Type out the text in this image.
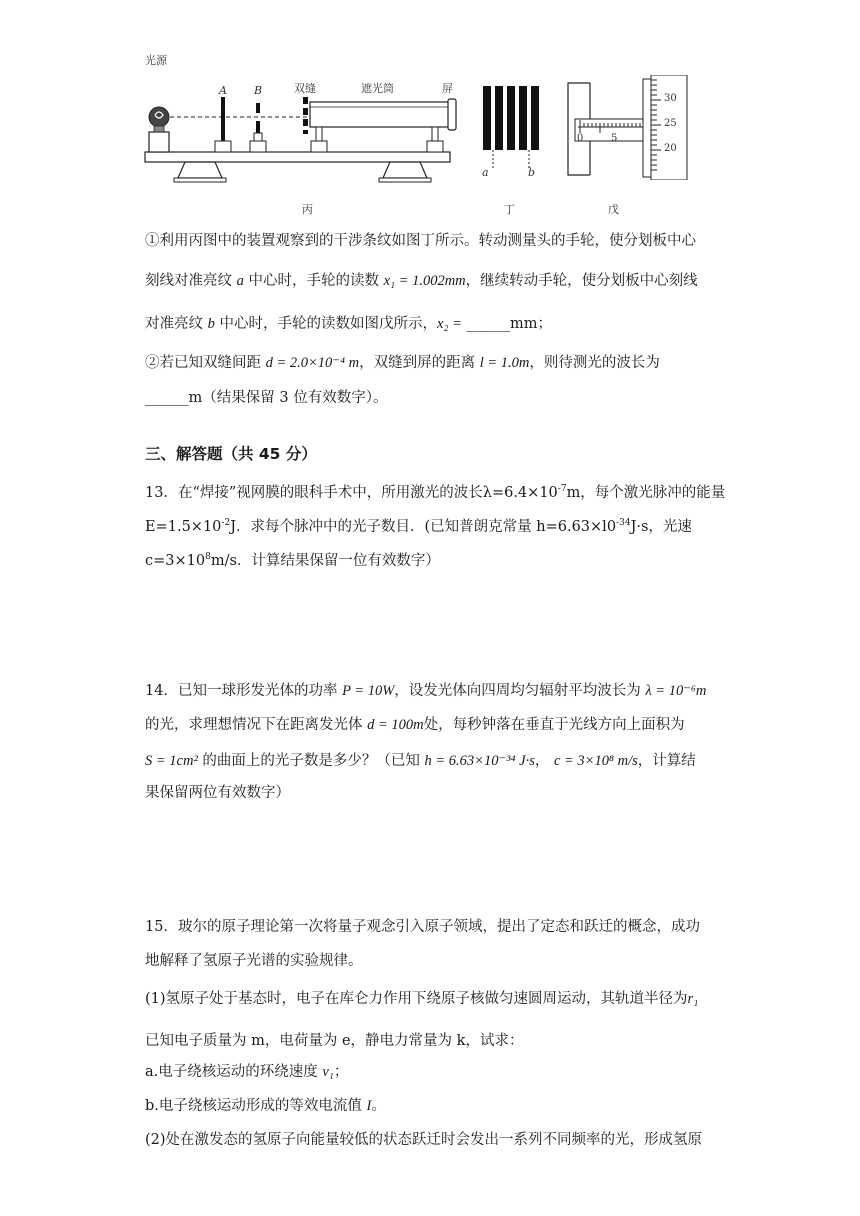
光源
A B	双缝	遮光筒	屏
丙
a	b
丁
0	5
30
25
20
戊
①利用丙图中的装置观察到的干涉条纹如图丁所示。转动测量头的手轮，使分划板中心
刻线对准亮纹 a 中心时，手轮的读数 x₁ = 1.002mm，继续转动手轮，使分划板中心刻线
对准亮纹 b 中心时，手轮的读数如图戊所示，x₂ = ______mm；
②若已知双缝间距 d = 2.0×10⁻⁴ m，双缝到屏的距离 l = 1.0m，则待测光的波长为
______m（结果保留 3 位有效数字）。
三、解答题（共 45 分）
13．在“焊接”视网膜的眼科手术中，所用激光的波长$\lambda=6.4\times 10^{-7}m$，每个激光脉冲的能量
$E=1.5\times 10^{-2}J$．求每个脉冲中的光子数目．(已知普朗克常量 $h=6.63\times l0^{-34}J\cdot s$，光速
$c=3\times 10^8m/s$．计算结果保留一位有效数字）
14．已知一球形发光体的功率 P = 10W，设发光体向四周均匀辐射平均波长为 λ = 10⁻⁶m
的光，求理想情况下在距离发光体 d = 100m处，每秒钟落在垂直于光线方向上面积为
S = 1cm² 的曲面上的光子数是多少？（已知 h = 6.63×10⁻³⁴ J·s， c = 3×10⁸ m/s，计算结
果保留两位有效数字）
15．玻尔的原子理论第一次将量子观念引入原子领域，提出了定态和跃迁的概念，成功
地解释了氢原子光谱的实验规律。
(1)氢原子处于基态时，电子在库仑力作用下绕原子核做匀速圆周运动，其轨道半径为r₁
已知电子质量为 m，电荷量为 e，静电力常量为 k，试求：
a.电子绕核运动的环绕速度 v₁；
b.电子绕核运动形成的等效电流值 I。
(2)处在激发态的氢原子向能量较低的状态跃迁时会发出一系列不同频率的光，形成氢原
